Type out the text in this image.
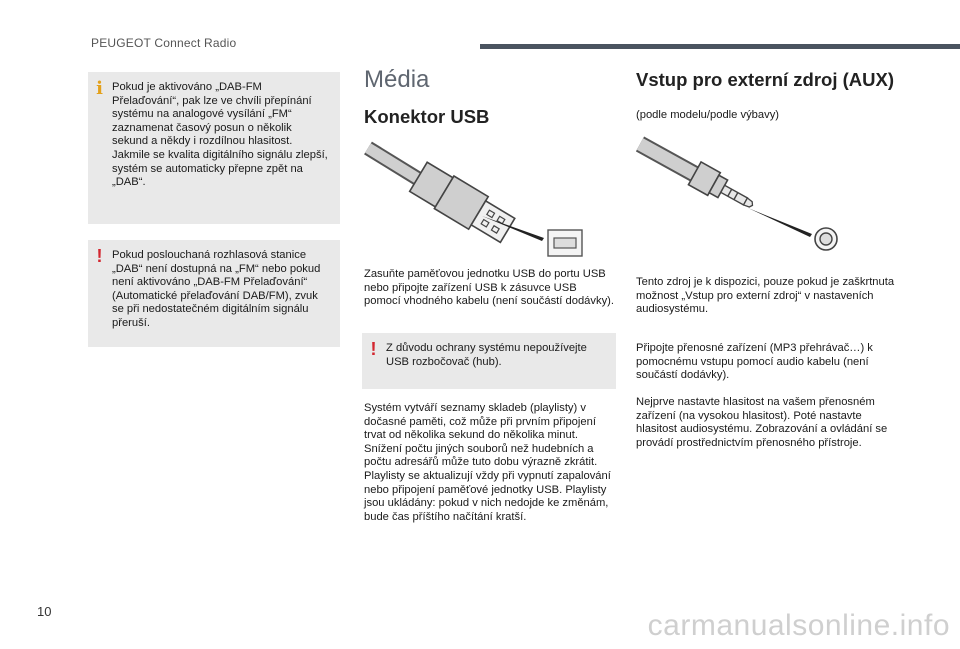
PEUGEOT Connect Radio
i Pokud je aktivováno „DAB-FM Přelaďování“, pak lze ve chvíli přepínání systému na analogové vysílání „FM“ zaznamenat časový posun o několik sekund a někdy i rozdílnou hlasitost. Jakmile se kvalita digitálního signálu zlepší, systém se automaticky přepne zpět na „DAB“.
! Pokud poslouchaná rozhlasová stanice „DAB“ není dostupná na „FM“ nebo pokud není aktivováno „DAB-FM Přelaďování“ (Automatické přelaďování DAB/FM), zvuk se při nedostatečném digitálním signálu přeruší.
Média
Konektor USB
Zasuňte paměťovou jednotku USB do portu USB nebo připojte zařízení USB k zásuvce USB pomocí vhodného kabelu (není součástí dodávky).
! Z důvodu ochrany systému nepoužívejte USB rozbočovač (hub).
Systém vytváří seznamy skladeb (playlisty) v dočasné paměti, což může při prvním připojení trvat od několika sekund do několika minut. Snížení počtu jiných souborů než hudebních a počtu adresářů může tuto dobu výrazně zkrátit. Playlisty se aktualizují vždy při vypnutí zapalování nebo připojení paměťové jednotky USB. Playlisty jsou ukládány: pokud v nich nedojde ke změnám, bude čas příštího načítání kratší.
Vstup pro externí zdroj (AUX)
(podle modelu/podle výbavy)
Tento zdroj je k dispozici, pouze pokud je zaškrtnuta možnost „Vstup pro externí zdroj“ v nastaveních audiosystému.
Připojte přenosné zařízení (MP3 přehrávač…) k pomocnému vstupu pomocí audio kabelu (není součástí dodávky).
Nejprve nastavte hlasitost na vašem přenosném zařízení (na vysokou hlasitost). Poté nastavte hlasitost audiosystému. Zobrazování a ovládání se provádí prostřednictvím přenosného přístroje.
10	carmanualsonline.info
